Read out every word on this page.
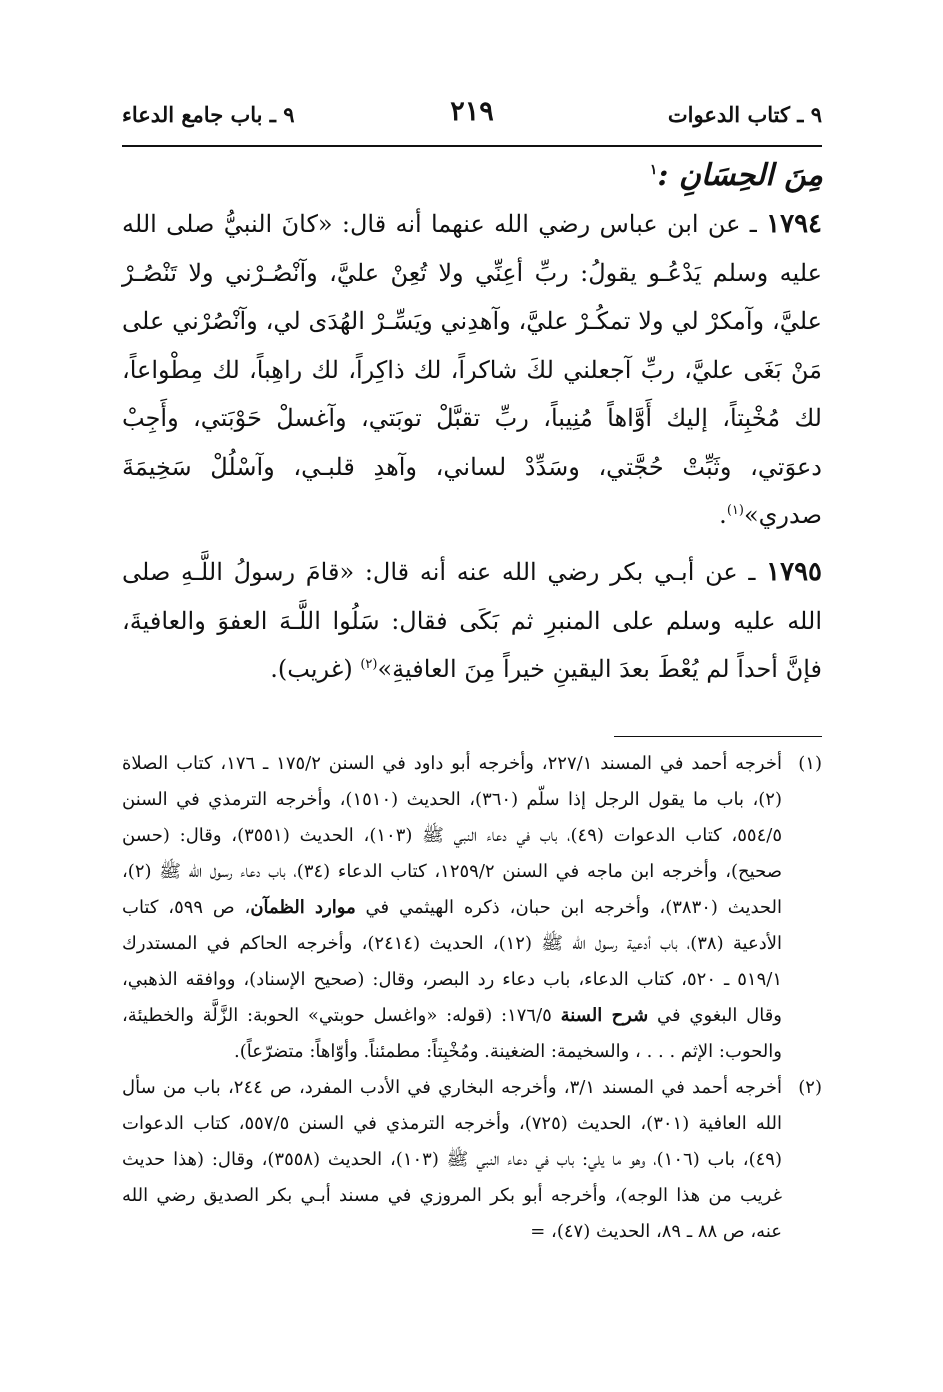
٩ ـ كتاب الدعوات
٢١٩
٩ ـ باب جامع الدعاء
مِنَ الحِسَانِ :$^١$
١٧٩٤ ـ عن ابن عباس رضي الله عنهما أنه قال: «كانَ النبيُّ صلى الله عليه وسلم يَدْعُـو يقولُ: ربِّ أعِنِّي ولا تُعِنْ عليَّ، وآنْصُـرْني ولا تَنْصُـرْ عليَّ، وآمكرْ لي ولا تمكُـرْ عليَّ، وآهدِني ويَسِّـرْ الهُدَى لي، وآنْصُرْني على مَنْ بَغَى عليَّ، ربِّ آجعلني لكَ شاكراً، لك ذاكِراً، لك راهِباً، لك مِطْواعاً، لك مُخْبِتاً، إليك أَوَّاهاً مُنِيباً، ربِّ تقبَّلْ توبَتي، وآغسلْ حَوْبَتي، وأَجِبْ دعوَتي، وثَبِّتْ حُجَّتي، وسَدِّدْ لساني، وآهدِ قلبـي، وآسْلُلْ سَخِيمَةَ صدري»$^{(١)}$.
١٧٩٥ ـ عن أبـي بكر رضي الله عنه أنه قال: «قامَ رسولُ اللَّـهِ صلى الله عليه وسلم على المنبرِ ثم بَكَى فقال: سَلُوا اللَّـهَ العفوَ والعافيةَ، فإنَّ أحداً لم يُعْطَ بعدَ اليقينِ خيراً مِنَ العافيةِ»$^{(٢)}$ (غريب).
(١)
أخرجه أحمد في المسند ٢٢٧/١، وأخرجه أبو داود في السنن ١٧٥/٢ ـ ١٧٦، كتاب الصلاة (٢)، باب ما يقول الرجل إذا سلّم (٣٦٠)، الحديث (١٥١٠)، وأخرجه الترمذي في السنن ٥٥٤/٥، كتاب الدعوات (٤٩)، باب في دعاء النبي ﷺ (١٠٣)، الحديث (٣٥٥١)، وقال: (حسن صحيح)، وأخرجه ابن ماجه في السنن ١٢٥٩/٢، كتاب الدعاء (٣٤)، باب دعاء رسول الله ﷺ (٢)، الحديث (٣٨٣٠)، وأخرجه ابن حبان، ذكره الهيثمي في موارد الظمآن، ص ٥٩٩، كتاب الأدعية (٣٨)، باب أدعية رسول الله ﷺ (١٢)، الحديث (٢٤١٤)، وأخرجه الحاكم في المستدرك ٥١٩/١ ـ ٥٢٠، كتاب الدعاء، باب دعاء رد البصر، وقال: (صحيح الإسناد)، ووافقه الذهبي، وقال البغوي في شرح السنة ١٧٦/٥: (قوله: «واغسل حوبتي» الحوبة: الزَّلَّة والخطيئة، والحوب: الإثم . . . ، والسخيمة: الضغينة. ومُخْبِتاً: مطمئناً. وأوّاهاً: متضرّعاً).
(٢)
أخرجه أحمد في المسند ٣/١، وأخرجه البخاري في الأدب المفرد، ص ٢٤٤، باب من سأل الله العافية (٣٠١)، الحديث (٧٢٥)، وأخرجه الترمذي في السنن ٥٥٧/٥، كتاب الدعوات (٤٩)، باب (١٠٦)، وهو ما يلي: باب في دعاء النبي ﷺ (١٠٣)، الحديث (٣٥٥٨)، وقال: (هذا حديث غريب من هذا الوجه)، وأخرجه أبو بكر المروزي في مسند أبـي بكر الصديق رضي الله عنه، ص ٨٨ ـ ٨٩، الحديث (٤٧)، =
